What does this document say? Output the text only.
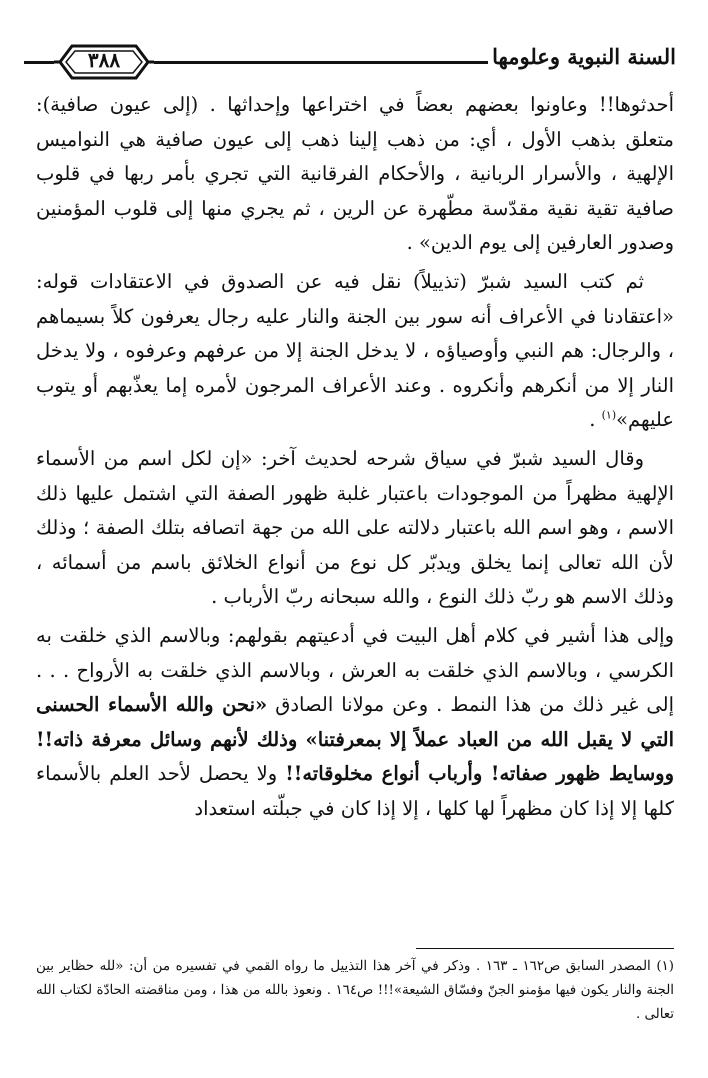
السنة النبوية وعلومها
٣٨٨

أحدثوها!! وعاونوا بعضهم بعضاً في اختراعها وإحداثها . (إلى عيون صافية): متعلق بذهب الأول ، أي: من ذهب إلينا ذهب إلى عيون صافية هي النواميس الإلهية ، والأسرار الربانية ، والأحكام الفرقانية التي تجري بأمر ربها في قلوب صافية تقية نقية مقدّسة مطّهرة عن الرين ، ثم يجري منها إلى قلوب المؤمنين وصدور العارفين إلى يوم الدين» .

ثم كتب السيد شبرّ (تذييلاً) نقل فيه عن الصدوق في الاعتقادات قوله: «اعتقادنا في الأعراف أنه سور بين الجنة والنار عليه رجال يعرفون كلاً بسيماهم ، والرجال: هم النبي وأوصياؤه ، لا يدخل الجنة إلا من عرفهم وعرفوه ، ولا يدخل النار إلا من أنكرهم وأنكروه . وعند الأعراف المرجون لأمره إما يعذّبهم أو يتوب عليهم»$^{(١)}$ .

وقال السيد شبرّ في سياق شرحه لحديث آخر: «إن لكل اسم من الأسماء الإلهية مظهراً من الموجودات باعتبار غلبة ظهور الصفة التي اشتمل عليها ذلك الاسم ، وهو اسم الله باعتبار دلالته على الله من جهة اتصافه بتلك الصفة ؛ وذلك لأن الله تعالى إنما يخلق ويدبّر كل نوع من أنواع الخلائق باسم من أسمائه ، وذلك الاسم هو ربّ ذلك النوع ، والله سبحانه ربّ الأرباب .

وإلى هذا أشير في كلام أهل البيت في أدعيتهم بقولهم: وبالاسم الذي خلقت به الكرسي ، وبالاسم الذي خلقت به العرش ، وبالاسم الذي خلقت به الأرواح . . . إلى غير ذلك من هذا النمط . وعن مولانا الصادق «نحن والله الأسماء الحسنى التي لا يقبل الله من العباد عملاً إلا بمعرفتنا» وذلك لأنهم وسائل معرفة ذاته!! ووسايط ظهور صفاته! وأرباب أنواع مخلوقاته!! ولا يحصل لأحد العلم بالأسماء كلها إلا إذا كان مظهراً لها كلها ، إلا إذا كان في جبلّته استعداد

(١) المصدر السابق ص١٦٢ ـ ١٦٣ . وذكر في آخر هذا التذييل ما رواه القمي في تفسيره من أن: «لله حظاير بين الجنة والنار يكون فيها مؤمنو الجنّ وفسّاق الشيعة»!!! ص١٦٤ . ونعوذ بالله من هذا ، ومن مناقضته الحادّة لكتاب الله تعالى .
